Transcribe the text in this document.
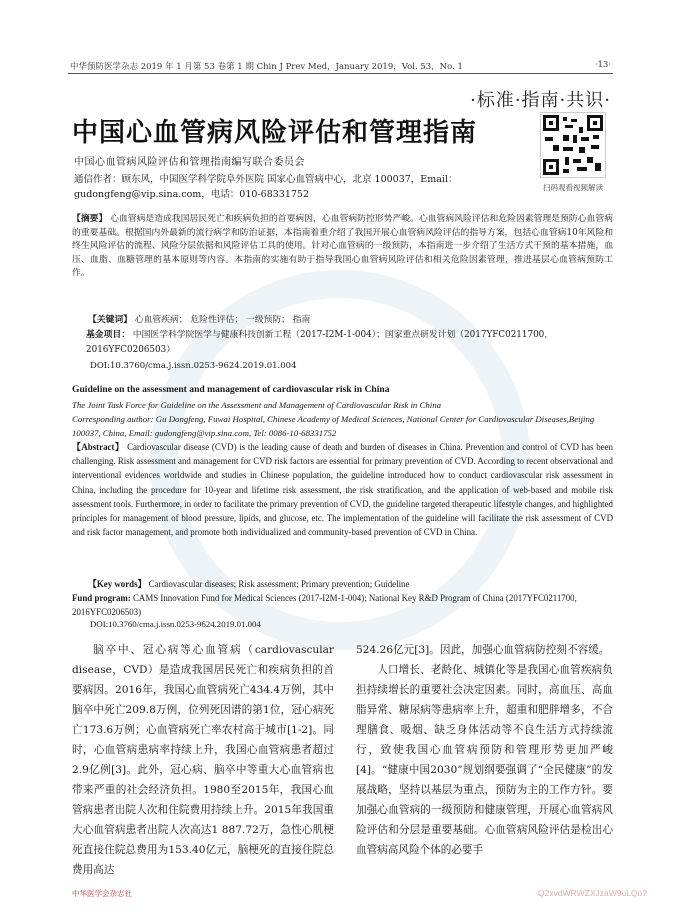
中华预防医学杂志 2019 年 1 月第 53 卷第 1 期 Chin J Prev Med，January 2019，Vol. 53，No. 1	·13·
·标准·指南·共识·
中国心血管病风险评估和管理指南
扫码观看视频解读
中国心血管病风险评估和管理指南编写联合委员会
通信作者：顾东风，中国医学科学院阜外医院 国家心血管病中心，北京 100037，Email：gudongfeng@vip.sina.com，电话：010-68331752
【摘要】 心血管病是造成我国居民死亡和疾病负担的首要病因，心血管病防控形势严峻。心血管病风险评估和危险因素管理是预防心血管病的重要基础。根据国内外最新的流行病学和防治证据，本指南着重介绍了我国开展心血管病风险评估的指导方案，包括心血管病10年风险和终生风险评估的流程、风险分层依据和风险评估工具的使用。针对心血管病的一级预防，本指南进一步介绍了生活方式干预的基本措施，血压、血脂、血糖管理的基本原则等内容。本指南的实施有助于指导我国心血管病风险评估和相关危险因素管理，推进基层心血管病预防工作。
【关键词】 心血管疾病； 危险性评估； 一级预防； 指南
基金项目： 中国医学科学院医学与健康科技创新工程（2017-I2M-1-004）；国家重点研发计划（2017YFC0211700，2016YFC0206503）
DOI:10.3760/cma.j.issn.0253-9624.2019.01.004
Guideline on the assessment and management of cardiovascular risk in China
The Joint Task Force for Guideline on the Assessment and Management of Cardiovascular Risk in China
Corresponding author: Gu Dongfeng, Fuwai Hospital, Chinese Academy of Medical Sciences, National Center for Cardiovascular Diseases,Beijing 100037, China, Email: gudongfeng@vip.sina.com, Tel: 0086-10-68331752
【Abstract】 Cardiovascular disease (CVD) is the leading cause of death and burden of diseases in China. Prevention and control of CVD has been challenging. Risk assessment and management for CVD risk factors are essential for primary prevention of CVD. According to recent observational and interventional evidences worldwide and studies in Chinese population, the guideline introduced how to conduct cardiovascular risk assessment in China, including the procedure for 10-year and lifetime risk assessment, the risk stratification, and the application of web-based and mobile risk assessment tools. Furthermore, in order to facilitate the primary prevention of CVD, the guideline targeted therapeutic lifestyle changes, and highlighted principles for management of blood pressure, lipids, and glucose, etc. The implementation of the guideline will facilitate the risk assessment of CVD and risk factor management, and promote both individualized and community-based prevention of CVD in China.
【Key words】 Cardiovascular diseases; Risk assessment; Primary prevention; Guideline
Fund program: CAMS Innovation Fund for Medical Sciences (2017-I2M-1-004); National Key R&D Program of China (2017YFC0211700, 2016YFC0206503)
DOI:10.3760/cma.j.issn.0253-9624.2019.01.004

脑卒中、冠心病等心血管病（cardiovascular disease，CVD）是造成我国居民死亡和疾病负担的首要病因。2016年，我国心血管病死亡434.4万例，其中脑卒中死亡209.8万例，位列死因谱的第1位，冠心病死亡173.6万例；心血管病死亡率农村高于城市[1-2]。同时，心血管病患病率持续上升，我国心血管病患者超过2.9亿例[3]。此外，冠心病、脑卒中等重大心血管病也带来严重的社会经济负担。1980至2015年，我国心血管病患者出院人次和住院费用持续上升。2015年我国重大心血管病患者出院人次高达1 887.72万，急性心肌梗死直接住院总费用为153.40亿元，脑梗死的直接住院总费用高达

524.26亿元[3]。因此，加强心血管病防控刻不容缓。

人口增长、老龄化、城镇化等是我国心血管疾病负担持续增长的重要社会决定因素。同时，高血压、高血脂异常、糖尿病等患病率上升，超重和肥胖增多，不合理膳食、吸烟、缺乏身体活动等不良生活方式持续流行，致使我国心血管病预防和管理形势更加严峻[4]。“健康中国2030”规划纲要强调了“全民健康”的发展战略，坚持以基层为重点，预防为主的工作方针。要加强心血管病的一级预防和健康管理，开展心血管病风险评估和分层是重要基础。心血管病风险评估是检出心血管病高风险个体的必要手

中华医学会杂志社	Q2xvdWRWZXJzaW9uLQo?
